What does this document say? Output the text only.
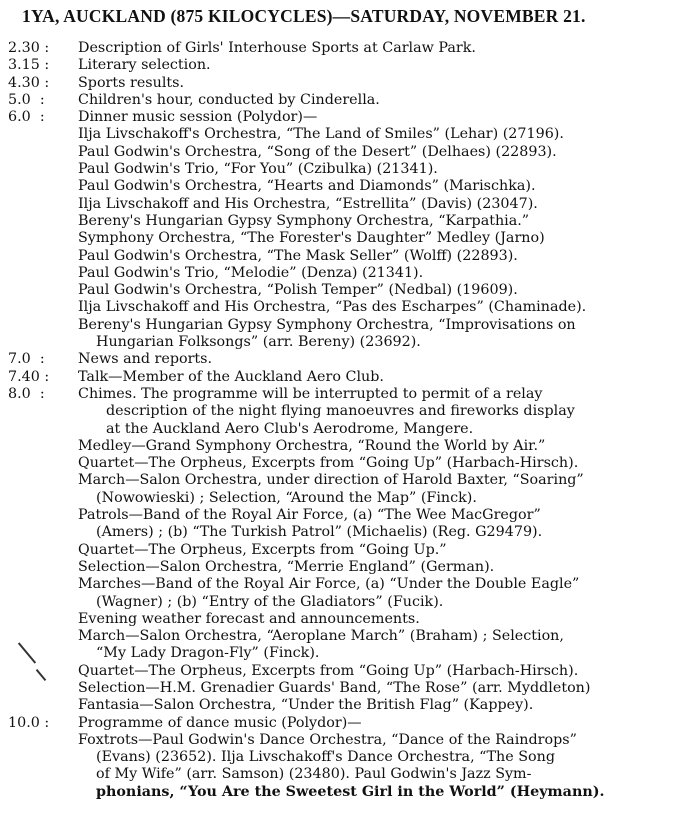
1YA, AUCKLAND (875 KILOCYCLES)—SATURDAY, NOVEMBER 21.
2.30 :	Description of Girls' Interhouse Sports at Carlaw Park.
3.15 :	Literary selection.
4.30 :	Sports results.
5.0  :	Children's hour, conducted by Cinderella.
6.0  :	Dinner music session (Polydor)—
Ilja Livschakoff's Orchestra, “The Land of Smiles” (Lehar) (27196).
Paul Godwin's Orchestra, “Song of the Desert” (Delhaes) (22893).
Paul Godwin's Trio, “For You” (Czibulka) (21341).
Paul Godwin's Orchestra, “Hearts and Diamonds” (Marischka).
Ilja Livschakoff and His Orchestra, “Estrellita” (Davis) (23047).
Bereny's Hungarian Gypsy Symphony Orchestra, “Karpathia.”
Symphony Orchestra, “The Forester's Daughter” Medley (Jarno)
Paul Godwin's Orchestra, “The Mask Seller” (Wolff) (22893).
Paul Godwin's Trio, “Melodie” (Denza) (21341).
Paul Godwin's Orchestra, “Polish Temper” (Nedbal) (19609).
Ilja Livschakoff and His Orchestra, “Pas des Escharpes” (Chaminade).
Bereny's Hungarian Gypsy Symphony Orchestra, “Improvisations on
Hungarian Folksongs” (arr. Bereny) (23692).
7.0  :	News and reports.
7.40 :	Talk—Member of the Auckland Aero Club.
8.0  :	Chimes. The programme will be interrupted to permit of a relay
description of the night flying manoeuvres and fireworks display
at the Auckland Aero Club's Aerodrome, Mangere.
Medley—Grand Symphony Orchestra, “Round the World by Air.”
Quartet—The Orpheus, Excerpts from “Going Up” (Harbach-Hirsch).
March—Salon Orchestra, under direction of Harold Baxter, “Soaring”
(Nowowieski) ; Selection, “Around the Map” (Finck).
Patrols—Band of the Royal Air Force, (a) “The Wee MacGregor”
(Amers) ; (b) “The Turkish Patrol” (Michaelis) (Reg. G29479).
Quartet—The Orpheus, Excerpts from “Going Up.”
Selection—Salon Orchestra, “Merrie England” (German).
Marches—Band of the Royal Air Force, (a) “Under the Double Eagle”
(Wagner) ; (b) “Entry of the Gladiators” (Fucik).
Evening weather forecast and announcements.
March—Salon Orchestra, “Aeroplane March” (Braham) ; Selection,
“My Lady Dragon-Fly” (Finck).
Quartet—The Orpheus, Excerpts from “Going Up” (Harbach-Hirsch).
Selection—H.M. Grenadier Guards' Band, “The Rose” (arr. Myddleton)
Fantasia—Salon Orchestra, “Under the British Flag” (Kappey).
10.0 :	Programme of dance music (Polydor)—
Foxtrots—Paul Godwin's Dance Orchestra, “Dance of the Raindrops”
(Evans) (23652). Ilja Livschakoff's Dance Orchestra, “The Song
of My Wife” (arr. Samson) (23480). Paul Godwin's Jazz Sym-
phonians, “You Are the Sweetest Girl in the World” (Heymann).
